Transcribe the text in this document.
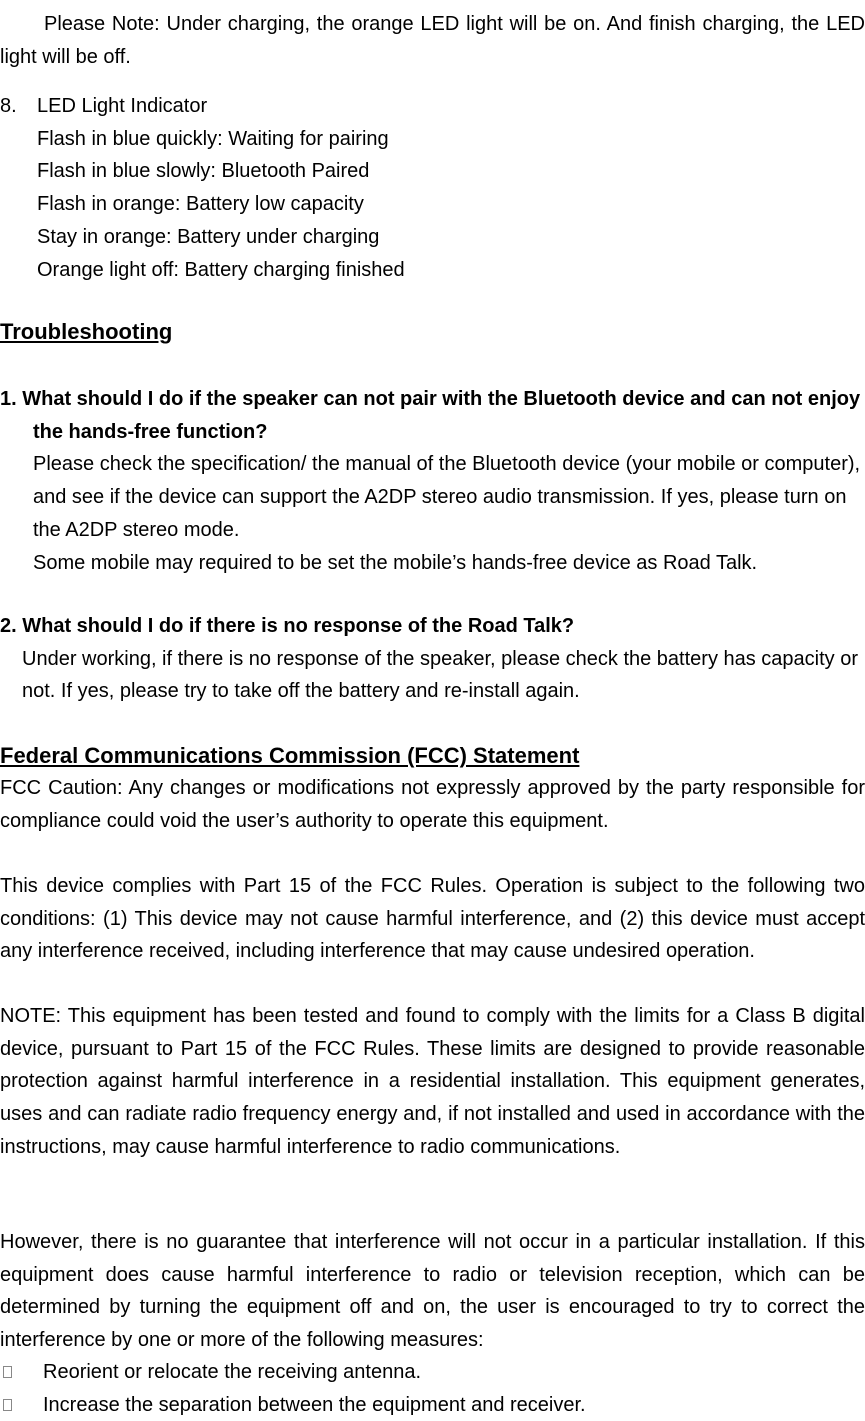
Please Note: Under charging, the orange LED light will be on. And finish charging, the LED light will be off.

8. LED Light Indicator

Flash in blue quickly: Waiting for pairing

Flash in blue slowly: Bluetooth Paired

Flash in orange: Battery low capacity

Stay in orange: Battery under charging

Orange light off: Battery charging finished

Troubleshooting

1. What should I do if the speaker can not pair with the Bluetooth device and can not enjoy the hands-free function?

Please check the specification/ the manual of the Bluetooth device (your mobile or computer), and see if the device can support the A2DP stereo audio transmission. If yes, please turn on the A2DP stereo mode.

Some mobile may required to be set the mobile’s hands-free device as Road Talk.

2. What should I do if there is no response of the Road Talk?

Under working, if there is no response of the speaker, please check the battery has capacity or not. If yes, please try to take off the battery and re-install again.

Federal Communications Commission (FCC) Statement

FCC Caution: Any changes or modifications not expressly approved by the party responsible for compliance could void the user’s authority to operate this equipment.

This device complies with Part 15 of the FCC Rules. Operation is subject to the following two conditions: (1) This device may not cause harmful interference, and (2) this device must accept any interference received, including interference that may cause undesired operation.

NOTE: This equipment has been tested and found to comply with the limits for a Class B digital device, pursuant to Part 15 of the FCC Rules. These limits are designed to provide reasonable protection against harmful interference in a residential installation. This equipment generates, uses and can radiate radio frequency energy and, if not installed and used in accordance with the instructions, may cause harmful interference to radio communications.

However, there is no guarantee that interference will not occur in a particular installation. If this equipment does cause harmful interference to radio or television reception, which can be determined by turning the equipment off and on, the user is encouraged to try to correct the interference by one or more of the following measures:

Reorient or relocate the receiving antenna.
Increase the separation between the equipment and receiver.
